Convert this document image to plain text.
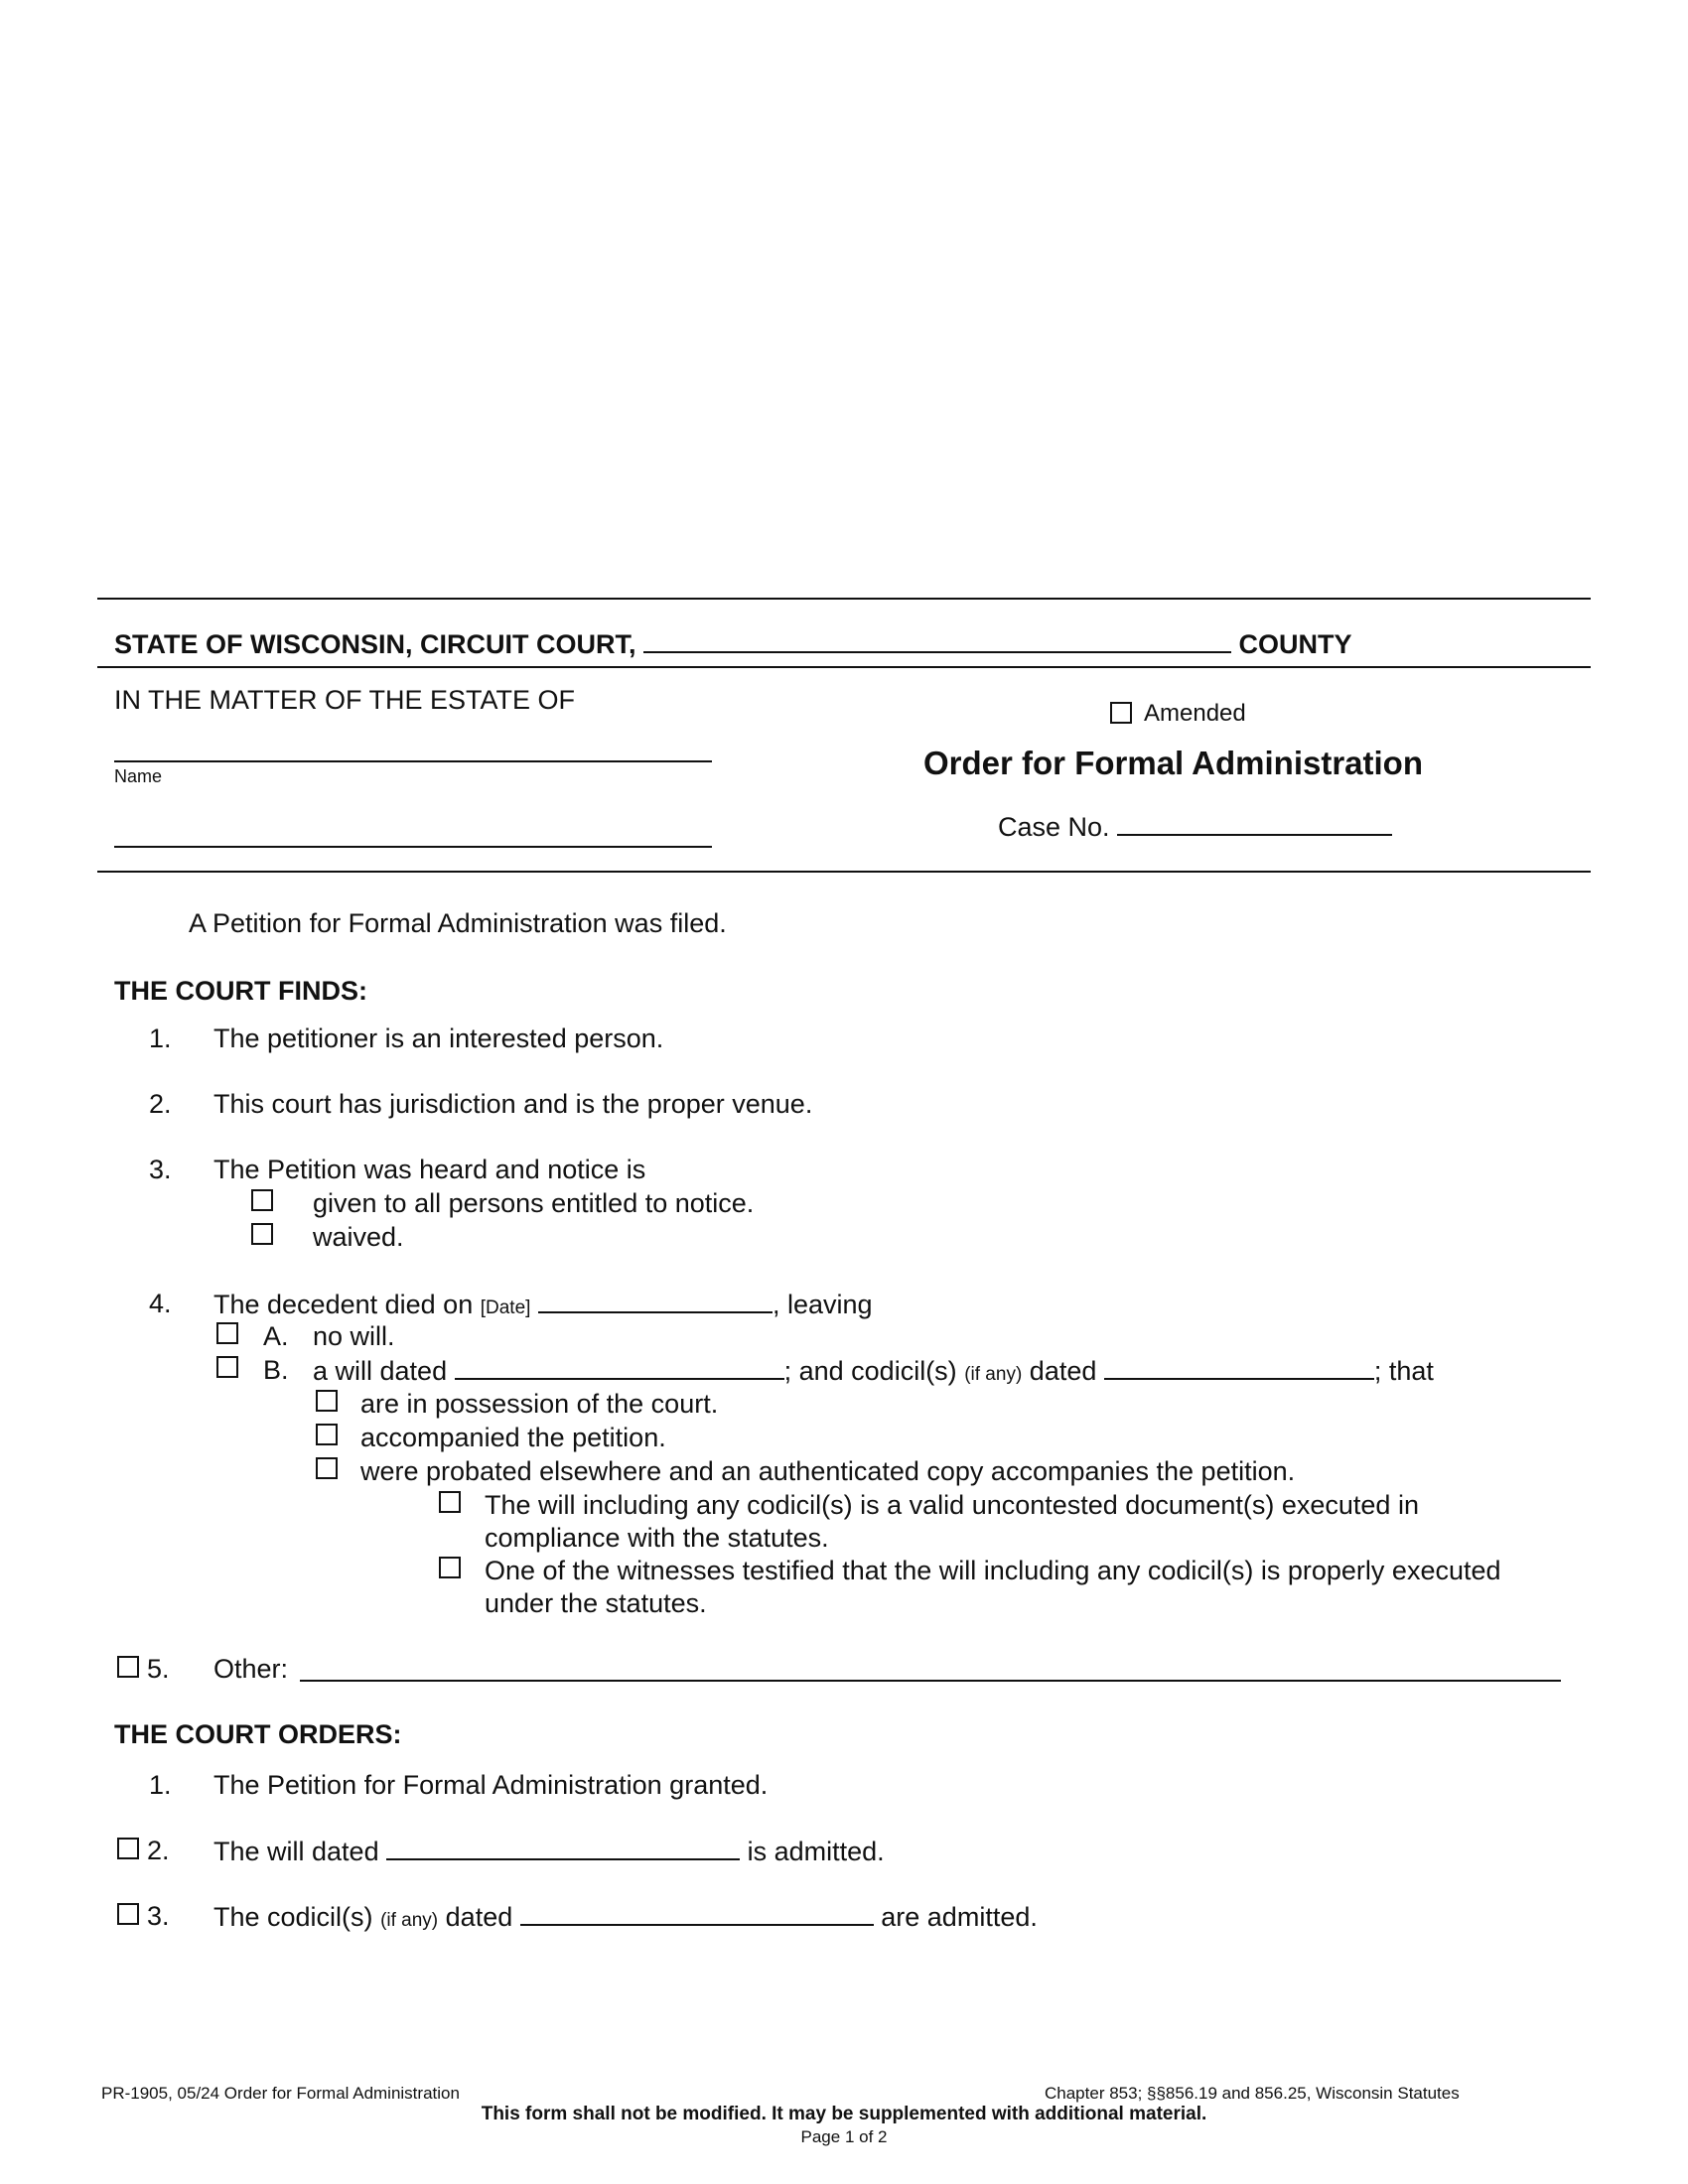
STATE OF WISCONSIN, CIRCUIT COURT,	COUNTY
IN THE MATTER OF THE ESTATE OF
Name
Amended
Order for Formal Administration
Case No.
A Petition for Formal Administration was filed.
THE COURT FINDS:
1. The petitioner is an interested person.
2. This court has jurisdiction and is the proper venue.
3. The Petition was heard and notice is
given to all persons entitled to notice.
waived.
4. The decedent died on [Date]	, leaving
A. no will.
B. a will dated	; and codicil(s) (if any) dated	; that
are in possession of the court.
accompanied the petition.
were probated elsewhere and an authenticated copy accompanies the petition.
The will including any codicil(s) is a valid uncontested document(s) executed in
compliance with the statutes.
One of the witnesses testified that the will including any codicil(s) is properly executed
under the statutes.
5. Other:
THE COURT ORDERS:
1. The Petition for Formal Administration granted.
2. The will dated	is admitted.
3. The codicil(s) (if any) dated	are admitted.
PR-1905, 05/24 Order for Formal Administration	Chapter 853; §§856.19 and 856.25, Wisconsin Statutes
This form shall not be modified. It may be supplemented with additional material.
Page 1 of 2
